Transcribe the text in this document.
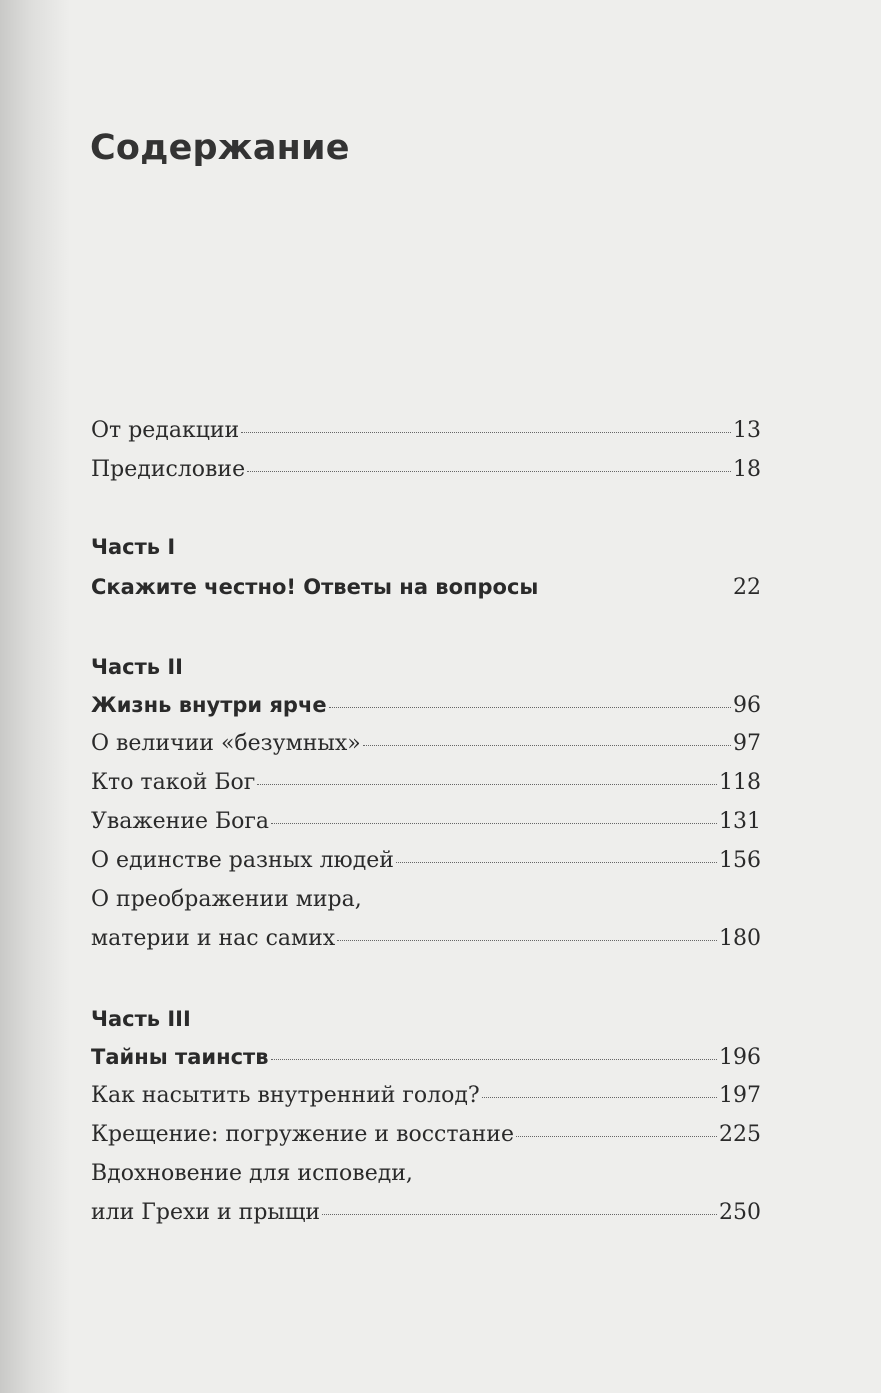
Содержание
От редакции	13
Предисловие	18
Часть I
Скажите честно! Ответы на вопросы	22
Часть II
Жизнь внутри ярче	96
О величии «безумных»	97
Кто такой Бог	118
Уважение Бога	131
О единстве разных людей	156
О преображении мира,
материи и нас самих	180
Часть III
Тайны таинств	196
Как насытить внутренний голод?	197
Крещение: погружение и восстание	225
Вдохновение для исповеди,
или Грехи и прыщи	250
